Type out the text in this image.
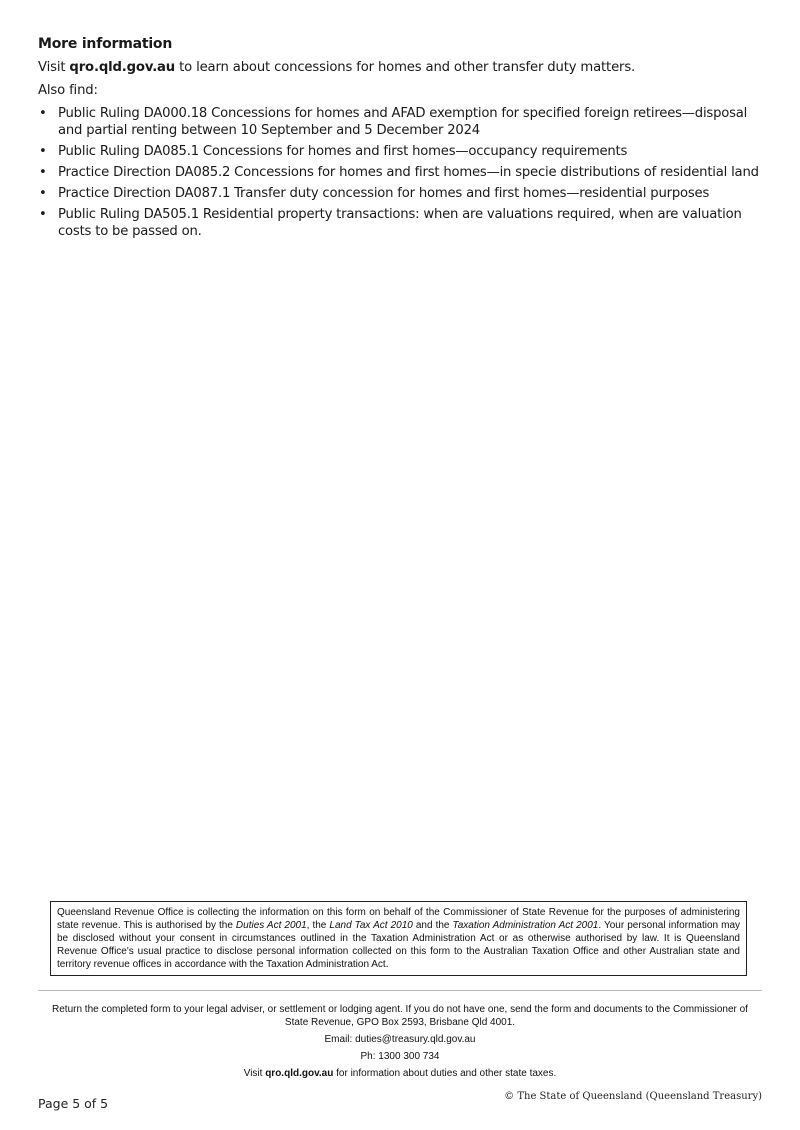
More information

Visit qro.qld.gov.au to learn about concessions for homes and other transfer duty matters.

Also find:

• Public Ruling DA000.18 Concessions for homes and AFAD exemption for specified foreign retirees—disposal and partial renting between 10 September and 5 December 2024
• Public Ruling DA085.1 Concessions for homes and first homes—occupancy requirements
• Practice Direction DA085.2 Concessions for homes and first homes—in specie distributions of residential land
• Practice Direction DA087.1 Transfer duty concession for homes and first homes—residential purposes
• Public Ruling DA505.1 Residential property transactions: when are valuations required, when are valuation costs to be passed on.
Queensland Revenue Office is collecting the information on this form on behalf of the Commissioner of State Revenue for the purposes of administering state revenue. This is authorised by the Duties Act 2001, the Land Tax Act 2010 and the Taxation Administration Act 2001. Your personal information may be disclosed without your consent in circumstances outlined in the Taxation Administration Act or as otherwise authorised by law. It is Queensland Revenue Office's usual practice to disclose personal information collected on this form to the Australian Taxation Office and other Australian state and territory revenue offices in accordance with the Taxation Administration Act.
Return the completed form to your legal adviser, or settlement or lodging agent. If you do not have one, send the form and documents to the Commissioner of State Revenue, GPO Box 2593, Brisbane Qld 4001.
Email: duties@treasury.qld.gov.au
Ph: 1300 300 734
Visit qro.qld.gov.au for information about duties and other state taxes.
Page 5 of 5	© The State of Queensland (Queensland Treasury)
